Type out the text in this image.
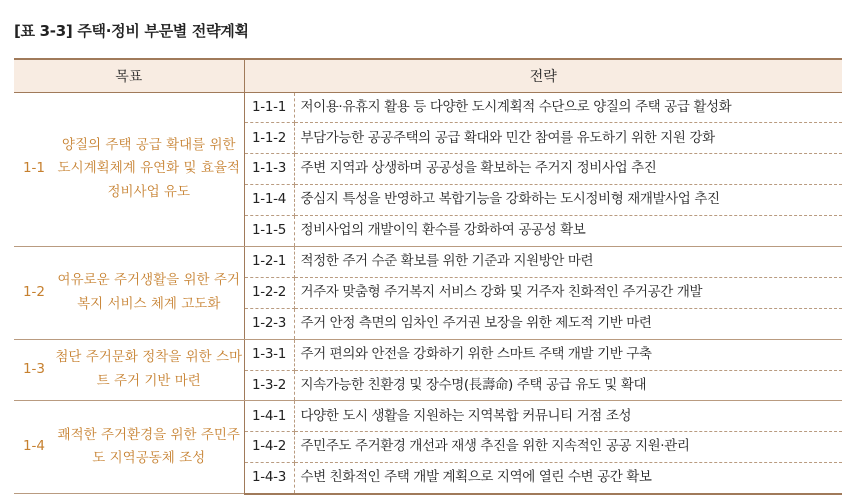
[표 3-3] 주택·정비 부문별 전략계획
목표		전략	
1-1	양질의 주택 공급 확대를 위한 도시계획체계 유연화 및 효율적 정비사업 유도	1-1-1	저이용·유휴지 활용 등 다양한 도시계획적 수단으로 양질의 주택 공급 활성화
		1-1-2	부담가능한 공공주택의 공급 확대와 민간 참여를 유도하기 위한 지원 강화
		1-1-3	주변 지역과 상생하며 공공성을 확보하는 주거지 정비사업 추진
		1-1-4	중심지 특성을 반영하고 복합기능을 강화하는 도시정비형 재개발사업 추진
		1-1-5	정비사업의 개발이익 환수를 강화하여 공공성 확보
1-2	여유로운 주거생활을 위한 주거복지 서비스 체계 고도화	1-2-1	적정한 주거 수준 확보를 위한 기준과 지원방안 마련
		1-2-2	거주자 맞춤형 주거복지 서비스 강화 및 거주자 친화적인 주거공간 개발
		1-2-3	주거 안정 측면의 임차인 주거권 보장을 위한 제도적 기반 마련
1-3	첨단 주거문화 정착을 위한 스마트 주거 기반 마련	1-3-1	주거 편의와 안전을 강화하기 위한 스마트 주택 개발 기반 구축
		1-3-2	지속가능한 친환경 및 장수명(長壽命) 주택 공급 유도 및 확대
1-4	쾌적한 주거환경을 위한 주민주도 지역공동체 조성	1-4-1	다양한 도시 생활을 지원하는 지역복합 커뮤니티 거점 조성
		1-4-2	주민주도 주거환경 개선과 재생 추진을 위한 지속적인 공공 지원·관리
		1-4-3	수변 친화적인 주택 개발 계획으로 지역에 열린 수변 공간 확보
